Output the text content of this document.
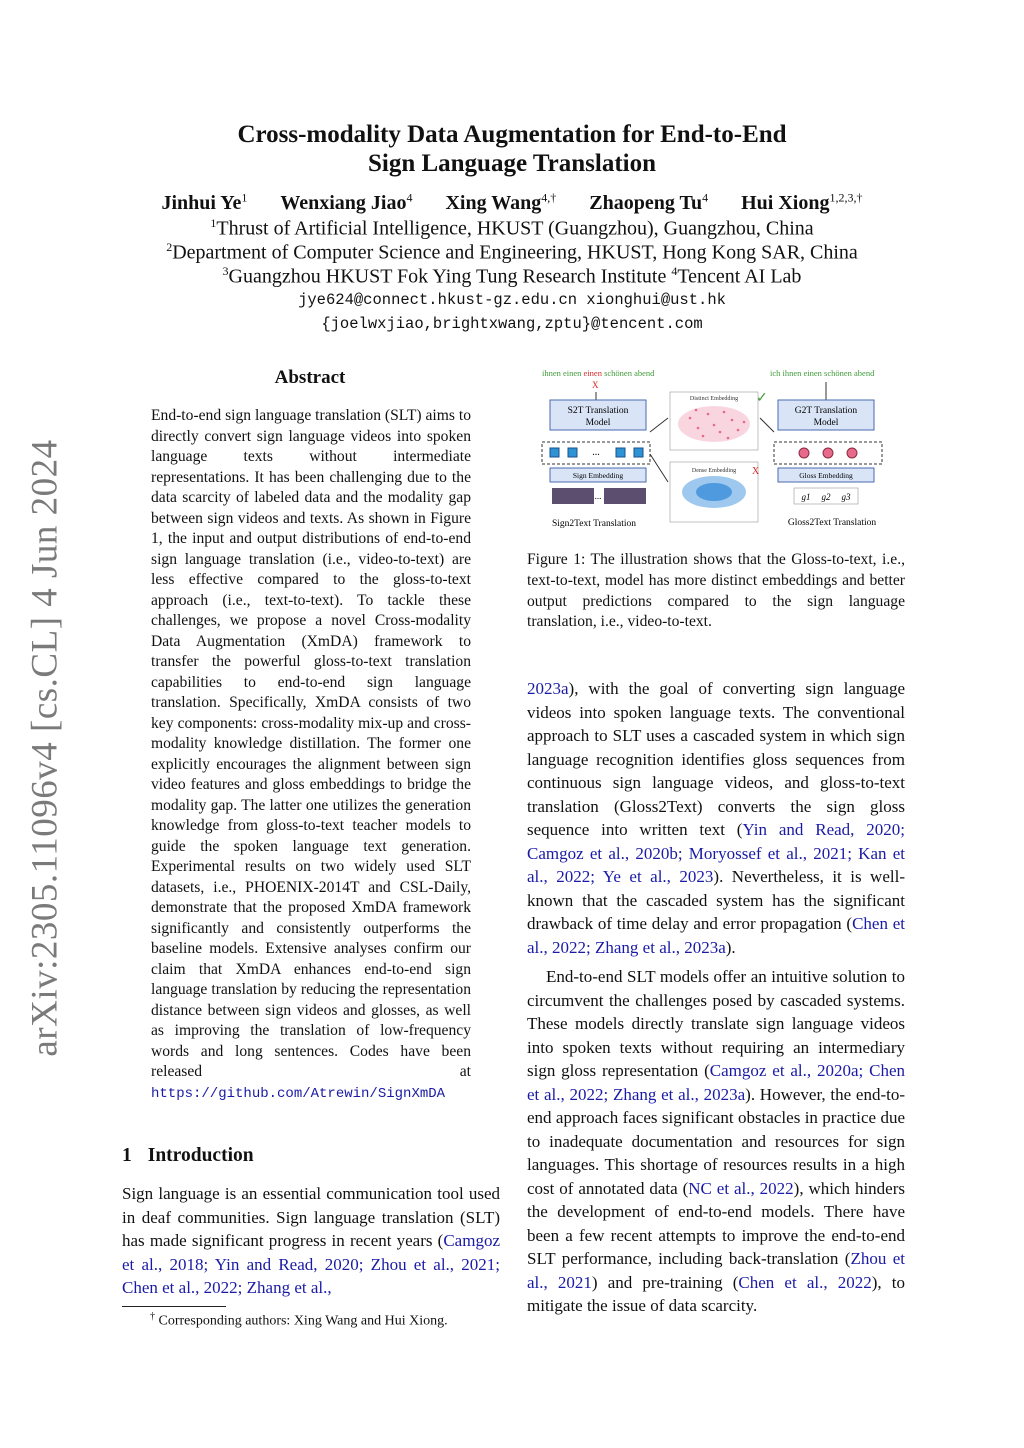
arXiv:2305.11096v4 [cs.CL] 4 Jun 2024
Cross-modality Data Augmentation for End-to-End
Sign Language Translation
Jinhui Ye$^1$ Wenxiang Jiao$^4$ Xing Wang$^{4,\dagger}$ Zhaopeng Tu$^4$ Hui Xiong$^{1,2,3,\dagger}$
$^1$Thrust of Artificial Intelligence, HKUST (Guangzhou), Guangzhou, China
$^2$Department of Computer Science and Engineering, HKUST, Hong Kong SAR, China
$^3$Guangzhou HKUST Fok Ying Tung Research Institute $^4$Tencent AI Lab
jye624@connect.hkust-gz.edu.cn xionghui@ust.hk
{joelwxjiao,brightxwang,zptu}@tencent.com
Abstract
End-to-end sign language translation (SLT) aims to directly convert sign language videos into spoken language texts without intermediate representations. It has been challenging due to the data scarcity of labeled data and the modality gap between sign videos and texts. As shown in Figure 1, the input and output distributions of end-to-end sign language translation (i.e., video-to-text) are less effective compared to the gloss-to-text approach (i.e., text-to-text). To tackle these challenges, we propose a novel Cross-modality Data Augmentation (XmDA) framework to transfer the powerful gloss-to-text translation capabilities to end-to-end sign language translation. Specifically, XmDA consists of two key components: cross-modality mix-up and cross-modality knowledge distillation. The former one explicitly encourages the alignment between sign video features and gloss embeddings to bridge the modality gap. The latter one utilizes the generation knowledge from gloss-to-text teacher models to guide the spoken language text generation. Experimental results on two widely used SLT datasets, i.e., PHOENIX-2014T and CSL-Daily, demonstrate that the proposed XmDA framework significantly and consistently outperforms the baseline models. Extensive analyses confirm our claim that XmDA enhances end-to-end sign language translation by reducing the representation distance between sign videos and glosses, as well as improving the translation of low-frequency words and long sentences. Codes have been released at https://github.com/Atrewin/SignXmDA
1 Introduction
Sign language is an essential communication tool used in deaf communities. Sign language translation (SLT) has made significant progress in recent years (Camgoz et al., 2018; Yin and Read, 2020; Zhou et al., 2021; Chen et al., 2022; Zhang et al.,
† Corresponding authors: Xing Wang and Hui Xiong.
ihnen einen einen schönen abend
X
S2T Translation
Model
...
Sign Embedding
...
Sign2Text Translation
Distinct Embedding ✓
Dense Embedding X
ich ihnen einen schönen abend
G2T Translation
Model
Gloss Embedding
g1 g2 g3
Gloss2Text Translation
Figure 1: The illustration shows that the Gloss-to-text, i.e., text-to-text, model has more distinct embeddings and better output predictions compared to the sign language translation, i.e., video-to-text.

2023a), with the goal of converting sign language videos into spoken language texts. The conventional approach to SLT uses a cascaded system in which sign language recognition identifies gloss sequences from continuous sign language videos, and gloss-to-text translation (Gloss2Text) converts the sign gloss sequence into written text (Yin and Read, 2020; Camgoz et al., 2020b; Moryossef et al., 2021; Kan et al., 2022; Ye et al., 2023). Nevertheless, it is well-known that the cascaded system has the significant drawback of time delay and error propagation (Chen et al., 2022; Zhang et al., 2023a).

End-to-end SLT models offer an intuitive solution to circumvent the challenges posed by cascaded systems. These models directly translate sign language videos into spoken texts without requiring an intermediary sign gloss representation (Camgoz et al., 2020a; Chen et al., 2022; Zhang et al., 2023a). However, the end-to-end approach faces significant obstacles in practice due to inadequate documentation and resources for sign languages. This shortage of resources results in a high cost of annotated data (NC et al., 2022), which hinders the development of end-to-end models. There have been a few recent attempts to improve the end-to-end SLT performance, including back-translation (Zhou et al., 2021) and pre-training (Chen et al., 2022), to mitigate the issue of data scarcity.
